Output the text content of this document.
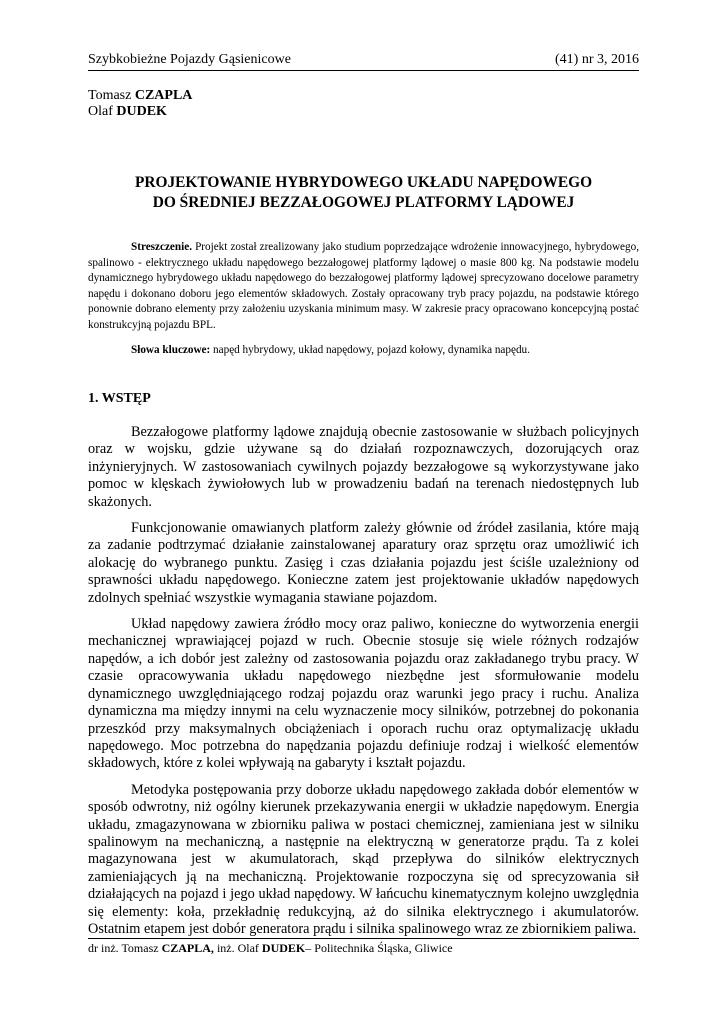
Szybkobieżne Pojazdy Gąsienicowe	(41) nr 3, 2016
Tomasz CZAPLA
Olaf DUDEK
PROJEKTOWANIE HYBRYDOWEGO UKŁADU NAPĘDOWEGO
DO ŚREDNIEJ BEZZAŁOGOWEJ PLATFORMY LĄDOWEJ

Streszczenie. Projekt został zrealizowany jako studium poprzedzające wdrożenie innowacyjnego, hybrydowego, spalinowo - elektrycznego układu napędowego bezzałogowej platformy lądowej o masie 800 kg. Na podstawie modelu dynamicznego hybrydowego układu napędowego do bezzałogowej platformy lądowej sprecyzowano docelowe parametry napędu i dokonano doboru jego elementów składowych. Zostały opracowany tryb pracy pojazdu, na podstawie którego ponownie dobrano elementy przy założeniu uzyskania minimum masy. W zakresie pracy opracowano koncepcyjną postać konstrukcyjną pojazdu BPL.

Słowa kluczowe: napęd hybrydowy, układ napędowy, pojazd kołowy, dynamika napędu.

1. WSTĘP

Bezzałogowe platformy lądowe znajdują obecnie zastosowanie w służbach policyjnych oraz w wojsku, gdzie używane są do działań rozpoznawczych, dozorujących oraz inżynieryjnych. W zastosowaniach cywilnych pojazdy bezzałogowe są wykorzystywane jako pomoc w klęskach żywiołowych lub w prowadzeniu badań na terenach niedostępnych lub skażonych.

Funkcjonowanie omawianych platform zależy głównie od źródeł zasilania, które mają za zadanie podtrzymać działanie zainstalowanej aparatury oraz sprzętu oraz umożliwić ich alokację do wybranego punktu. Zasięg i czas działania pojazdu jest ściśle uzależniony od sprawności układu napędowego. Konieczne zatem jest projektowanie układów napędowych zdolnych spełniać wszystkie wymagania stawiane pojazdom.

Układ napędowy zawiera źródło mocy oraz paliwo, konieczne do wytworzenia energii mechanicznej wprawiającej pojazd w ruch. Obecnie stosuje się wiele różnych rodzajów napędów, a ich dobór jest zależny od zastosowania pojazdu oraz zakładanego trybu pracy. W czasie opracowywania układu napędowego niezbędne jest sformułowanie modelu dynamicznego uwzględniającego rodzaj pojazdu oraz warunki jego pracy i ruchu. Analiza dynamiczna ma między innymi na celu wyznaczenie mocy silników, potrzebnej do pokonania przeszkód przy maksymalnych obciążeniach i oporach ruchu oraz optymalizację układu napędowego. Moc potrzebna do napędzania pojazdu definiuje rodzaj i wielkość elementów składowych, które z kolei wpływają na gabaryty i kształt pojazdu.

Metodyka postępowania przy doborze układu napędowego zakłada dobór elementów w sposób odwrotny, niż ogólny kierunek przekazywania energii w układzie napędowym. Energia układu, zmagazynowana w zbiorniku paliwa w postaci chemicznej, zamieniana jest w silniku spalinowym na mechaniczną, a następnie na elektryczną w generatorze prądu. Ta z kolei magazynowana jest w akumulatorach, skąd przepływa do silników elektrycznych zamieniających ją na mechaniczną. Projektowanie rozpoczyna się od sprecyzowania sił działających na pojazd i jego układ napędowy. W łańcuchu kinematycznym kolejno uwzględnia się elementy: koła, przekładnię redukcyjną, aż do silnika elektrycznego i akumulatorów. Ostatnim etapem jest dobór generatora prądu i silnika spalinowego wraz ze zbiornikiem paliwa.

dr inż. Tomasz CZAPLA, inż. Olaf DUDEK– Politechnika Śląska, Gliwice
